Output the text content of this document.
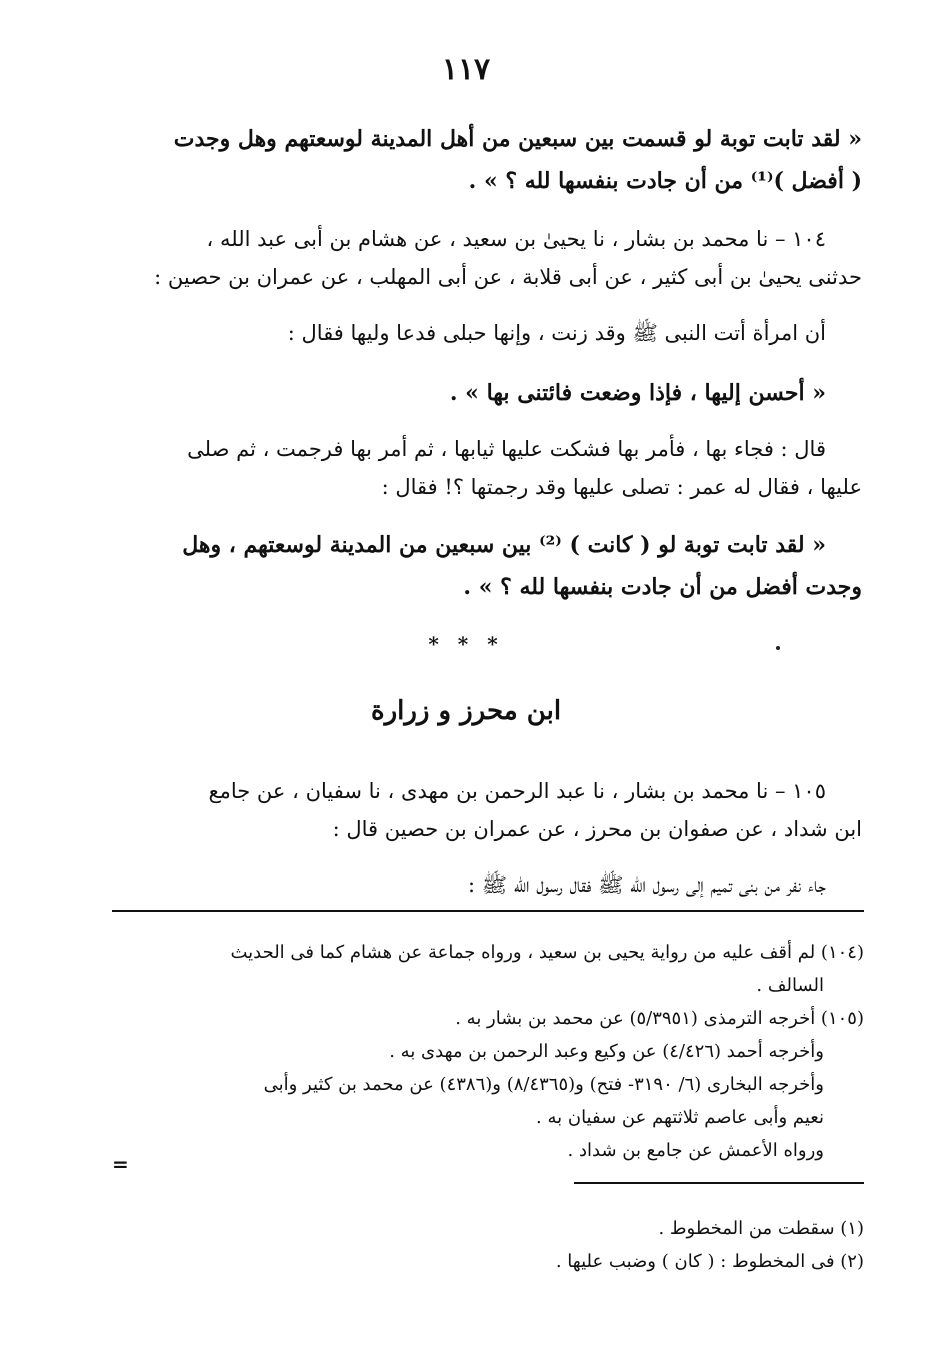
١١٧
« لقد تابت توبة لو قسمت بين سبعين من أهل المدينة لوسعتهم وهل وجدت
( أفضل )⁽¹⁾ من أن جادت بنفسها لله ؟ » .
١٠٤ – نا محمد بن بشار ، نا يحيىٰ بن سعيد ، عن هشام بن أبى عبد الله ،
حدثنى يحيىٰ بن أبى كثير ، عن أبى قلابة ، عن أبى المهلب ، عن عمران بن حصين :
أن امرأة أتت النبى ﷺ وقد زنت ، وإنها حبلى فدعا وليها فقال :
« أحسن إليها ، فإذا وضعت فائتنى بها » .
قال : فجاء بها ، فأمر بها فشكت عليها ثيابها ، ثم أمر بها فرجمت ، ثم صلى
عليها ، فقال له عمر : تصلى عليها وقد رجمتها ؟! فقال :
« لقد تابت توبة لو ( كانت ) ⁽²⁾ بين سبعين من المدينة لوسعتهم ، وهل
وجدت أفضل من أن جادت بنفسها لله ؟ » .
* * *
ابن محرز و زرارة
١٠٥ – نا محمد بن بشار ، نا عبد الرحمن بن مهدى ، نا سفيان ، عن جامع
ابن شداد ، عن صفوان بن محرز ، عن عمران بن حصين قال :
جاء نفر من بنى تميم إلى رسول الله ﷺ فقال رسول الله ﷺ :
(١٠٤) لم أقف عليه من رواية يحيى بن سعيد ، ورواه جماعة عن هشام كما فى الحديث
السالف .
(١٠٥) أخرجه الترمذى (٥/٣٩٥١) عن محمد بن بشار به .
وأخرجه أحمد (٤/٤٢٦) عن وكيع وعبد الرحمن بن مهدى به .
وأخرجه البخارى (٦/ ٣١٩٠- فتح) و(٨/٤٣٦٥) و(٤٣٨٦) عن محمد بن كثير وأبى
نعيم وأبى عاصم ثلاثتهم عن سفيان به .
ورواه الأعمش عن جامع بن شداد .
=
(١) سقطت من المخطوط .
(٢) فى المخطوط : ( كان ) وضبب عليها .
